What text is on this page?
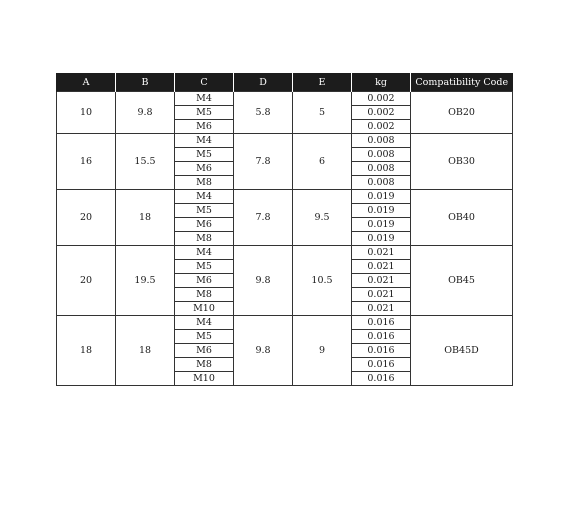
A	B	C	D	E	kg	Compatibility Code
10	9.8	M4	5.8	5	0.002	OB20
		M5			0.002	
		M6			0.002	
16	15.5	M4	7.8	6	0.008	OB30
		M5			0.008	
		M6			0.008	
		M8			0.008	
20	18	M4	7.8	9.5	0.019	OB40
		M5			0.019	
		M6			0.019	
		M8			0.019	
20	19.5	M4	9.8	10.5	0.021	OB45
		M5			0.021	
		M6			0.021	
		M8			0.021	
		M10			0.021	
18	18	M4	9.8	9	0.016	OB45D
		M5			0.016	
		M6			0.016	
		M8			0.016	
		M10			0.016	
